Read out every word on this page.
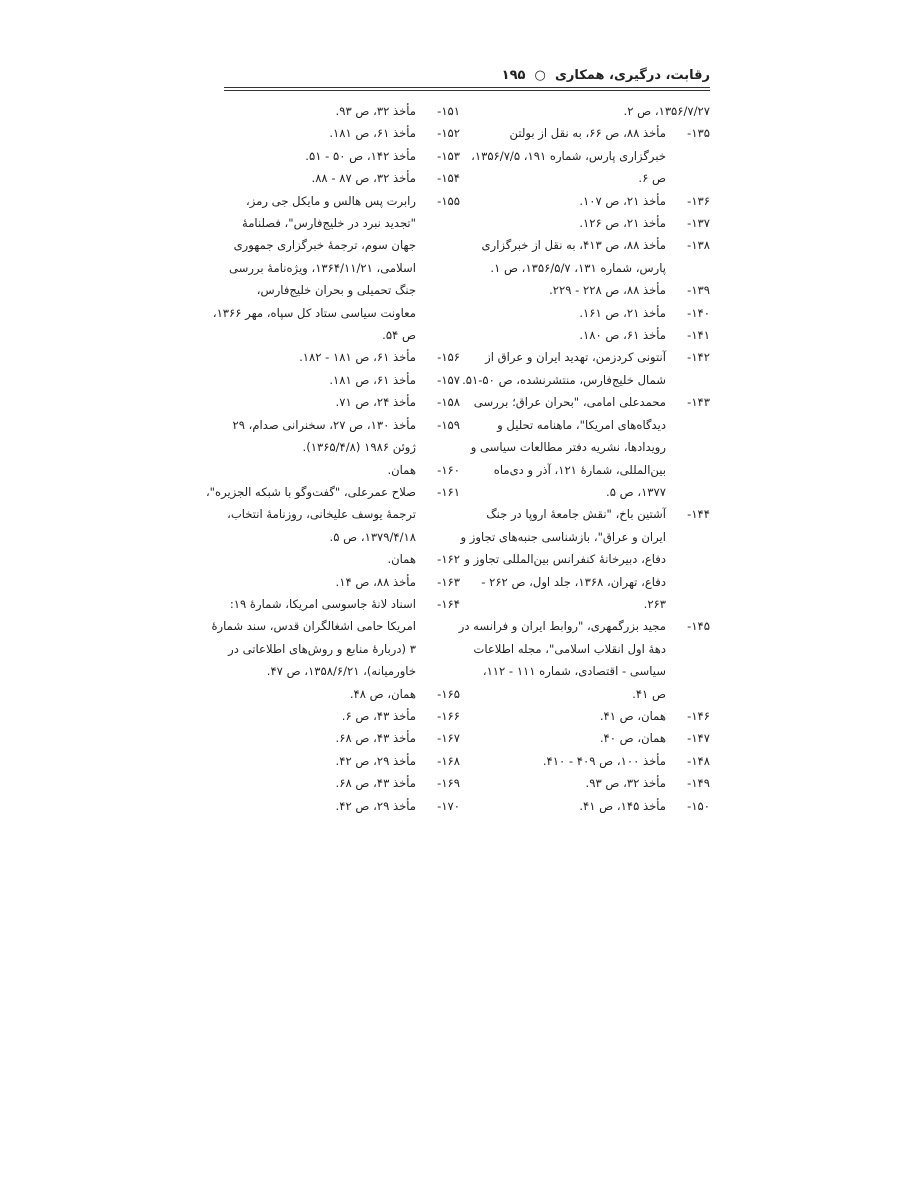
رقابت، درگیری، همکاری  ○  ۱۹۵

۱۳۵۶/۷/۲۷، ص ۲.

۱۳۵-مأخذ ۸۸، ص ۶۶، به نقل از بولتن

خبرگزاری پارس، شماره ۱۹۱، ۱۳۵۶/۷/۵،

ص ۶.

۱۳۶-مأخذ ۲۱، ص ۱۰۷.

۱۳۷-مأخذ ۲۱، ص ۱۲۶.

۱۳۸-مأخذ ۸۸، ص ۴۱۳، به نقل از خبرگزاری

پارس، شماره ۱۳۱، ۱۳۵۶/۵/۷، ص ۱.

۱۳۹-مأخذ ۸۸، ص ۲۲۸ - ۲۲۹.

۱۴۰-مأخذ ۲۱، ص ۱۶۱.

۱۴۱-مأخذ ۶۱، ص ۱۸۰.

۱۴۲-آنتونی کردزمن، تهدید ایران و عراق از

شمال خلیج‌فارس، منتشرنشده، ص ۵۰-۵۱.

۱۴۳-محمدعلی امامی، "بحران عراق؛ بررسی

دیدگاه‌های امریکا"، ماهنامه تحلیل و

رویدادها، نشریه دفتر مطالعات سیاسی و

بین‌المللی، شمارهٔ ۱۲۱، آذر و دی‌ماه

۱۳۷۷، ص ۵.

۱۴۴-آشتین باخ، "نقش جامعهٔ اروپا در جنگ

ایران و عراق"، بازشناسی جنبه‌های تجاوز و

دفاع، دبیرخانهٔ کنفرانس بین‌المللی تجاوز و

دفاع، تهران، ۱۳۶۸، جلد اول، ص ۲۶۲ -

۲۶۳.

۱۴۵-مجید بزرگمهری، "روابط ایران و فرانسه در

دههٔ اول انقلاب اسلامی"، مجله اطلاعات

سیاسی - اقتصادی، شماره ۱۱۱ - ۱۱۲،

ص ۴۱.

۱۴۶-همان، ص ۴۱.

۱۴۷-همان، ص ۴۰.

۱۴۸-مأخذ ۱۰۰، ص ۴۰۹ - ۴۱۰.

۱۴۹-مأخذ ۳۲، ص ۹۳.

۱۵۰-مأخذ ۱۴۵، ص ۴۱.

۱۵۱-مأخذ ۳۲، ص ۹۳.

۱۵۲-مأخذ ۶۱، ص ۱۸۱.

۱۵۳-مأخذ ۱۴۲، ص ۵۰ - ۵۱.

۱۵۴-مأخذ ۳۲، ص ۸۷ - ۸۸.

۱۵۵-رابرت پس هالس و مایکل جی رمز،

"تجدید نبرد در خلیج‌فارس"، فصلنامهٔ

جهان سوم، ترجمهٔ خبرگزاری جمهوری

اسلامی، ۱۳۶۴/۱۱/۲۱، ویژه‌نامهٔ بررسی

جنگ تحمیلی و بحران خلیج‌فارس،

معاونت سیاسی ستاد کل سپاه، مهر ۱۳۶۶،

ص ۵۴.

۱۵۶-مأخذ ۶۱، ص ۱۸۱ - ۱۸۲.

۱۵۷-مأخذ ۶۱، ص ۱۸۱.

۱۵۸-مأخذ ۲۴، ص ۷۱.

۱۵۹-مأخذ ۱۳۰، ص ۲۷، سخنرانی صدام، ۲۹

ژوئن ۱۹۸۶ (۱۳۶۵/۴/۸).

۱۶۰-همان.

۱۶۱-صلاح عمرعلی، "گفت‌وگو با شبکه الجزیره"،

ترجمهٔ یوسف علیخانی، روزنامهٔ انتخاب،

۱۳۷۹/۴/۱۸، ص ۵.

۱۶۲-همان.

۱۶۳-مأخذ ۸۸، ص ۱۴.

۱۶۴-اسناد لانهٔ جاسوسی امریکا، شمارهٔ ۱۹:

امریکا حامی اشغالگران قدس، سند شمارهٔ

۳ (دربارهٔ منابع و روش‌های اطلاعاتی در

خاورمیانه)، ۱۳۵۸/۶/۲۱، ص ۴۷.

۱۶۵-همان، ص ۴۸.

۱۶۶-مأخذ ۴۳، ص ۶.

۱۶۷-مأخذ ۴۳، ص ۶۸.

۱۶۸-مأخذ ۲۹، ص ۴۲.

۱۶۹-مأخذ ۴۳، ص ۶۸.

۱۷۰-مأخذ ۲۹، ص ۴۲.
